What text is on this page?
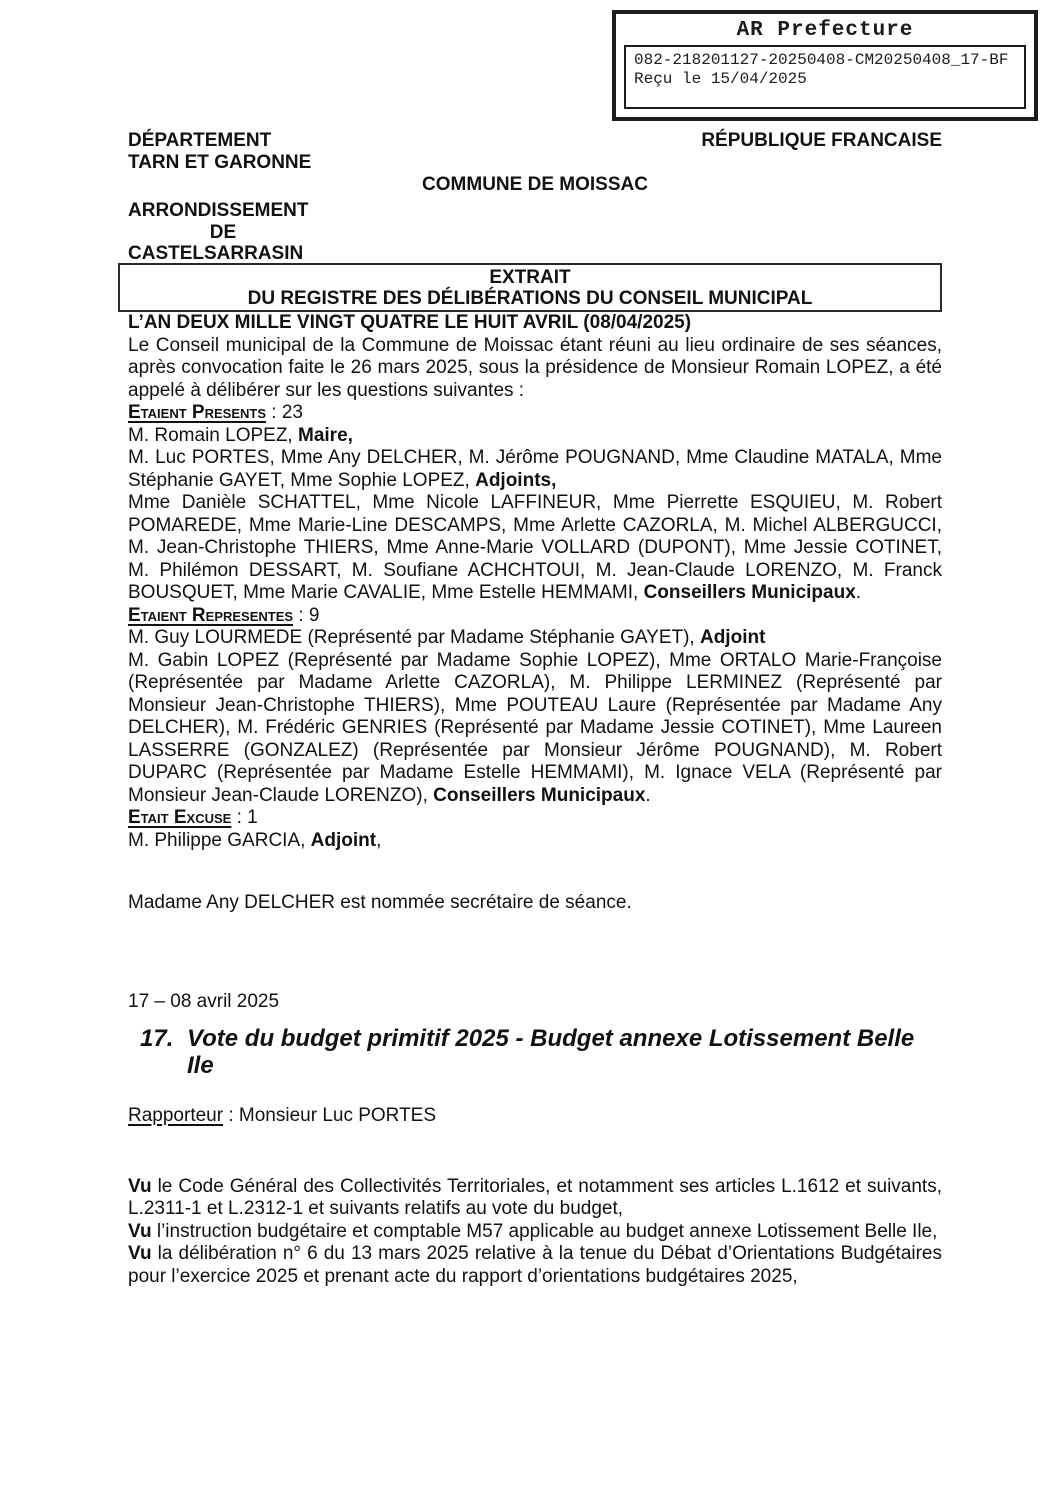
AR Prefecture
082-218201127-20250408-CM20250408_17-BF
Reçu le 15/04/2025
DÉPARTEMENT
TARN ET GARONNE
RÉPUBLIQUE FRANCAISE
COMMUNE DE MOISSAC
ARRONDISSEMENT
DE
CASTELSARRASIN
EXTRAIT
DU REGISTRE DES DÉLIBÉRATIONS DU CONSEIL MUNICIPAL

L’AN DEUX MILLE VINGT QUATRE LE HUIT AVRIL (08/04/2025)

Le Conseil municipal de la Commune de Moissac étant réuni au lieu ordinaire de ses séances, après convocation faite le 26 mars 2025, sous la présidence de Monsieur Romain LOPEZ, a été appelé à délibérer sur les questions suivantes :

Etaient Presents : 23

M. Romain LOPEZ, Maire,

M. Luc PORTES, Mme Any DELCHER, M. Jérôme POUGNAND, Mme Claudine MATALA, Mme Stéphanie GAYET, Mme Sophie LOPEZ, Adjoints,

Mme Danièle SCHATTEL, Mme Nicole LAFFINEUR, Mme Pierrette ESQUIEU, M. Robert POMAREDE, Mme Marie-Line DESCAMPS, Mme Arlette CAZORLA, M. Michel ALBERGUCCI, M. Jean-Christophe THIERS, Mme Anne-Marie VOLLARD (DUPONT), Mme Jessie COTINET, M. Philémon DESSART, M. Soufiane ACHCHTOUI, M. Jean-Claude LORENZO, M. Franck BOUSQUET, Mme Marie CAVALIE, Mme Estelle HEMMAMI, Conseillers Municipaux.

Etaient Representes : 9

M. Guy LOURMEDE (Représenté par Madame Stéphanie GAYET), Adjoint

M. Gabin LOPEZ (Représenté par Madame Sophie LOPEZ), Mme ORTALO Marie-Françoise (Représentée par Madame Arlette CAZORLA), M. Philippe LERMINEZ (Représenté par Monsieur Jean-Christophe THIERS), Mme POUTEAU Laure (Représentée par Madame Any DELCHER), M. Frédéric GENRIES (Représenté par Madame Jessie COTINET), Mme Laureen LASSERRE (GONZALEZ) (Représentée par Monsieur Jérôme POUGNAND), M. Robert DUPARC (Représentée par Madame Estelle HEMMAMI), M. Ignace VELA (Représenté par Monsieur Jean-Claude LORENZO), Conseillers Municipaux.

Etait Excuse : 1

M. Philippe GARCIA, Adjoint,

Madame Any DELCHER est nommée secrétaire de séance.

17 – 08 avril 2025

17. Vote du budget primitif 2025 - Budget annexe Lotissement Belle Ile

Rapporteur : Monsieur Luc PORTES

Vu le Code Général des Collectivités Territoriales, et notamment ses articles L.1612 et suivants, L.2311-1 et L.2312-1 et suivants relatifs au vote du budget,

Vu l’instruction budgétaire et comptable M57 applicable au budget annexe Lotissement Belle Ile,

Vu la délibération n° 6 du 13 mars 2025 relative à la tenue du Débat d’Orientations Budgétaires pour l’exercice 2025 et prenant acte du rapport d’orientations budgétaires 2025,
